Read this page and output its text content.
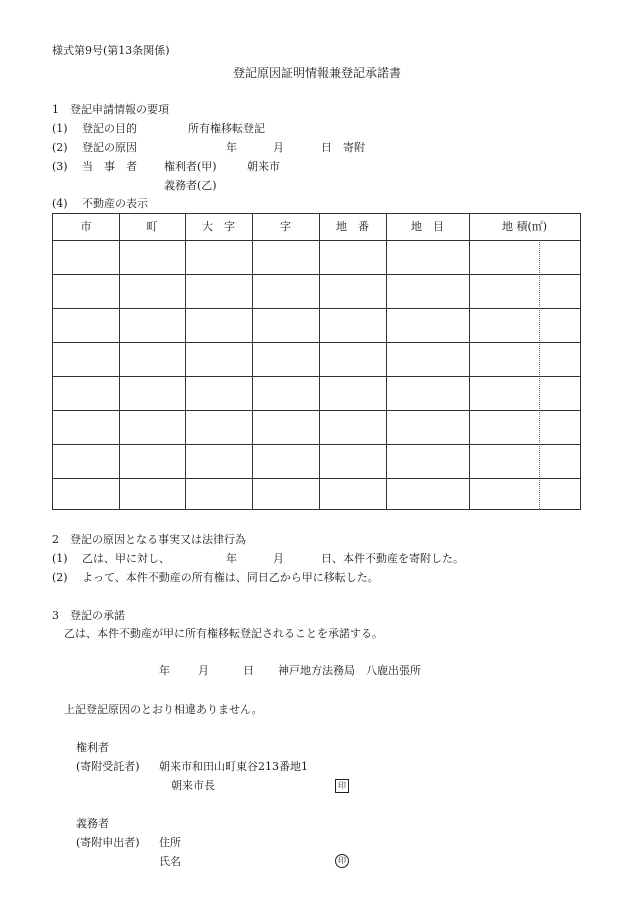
様式第9号(第13条関係)
登記原因証明情報兼登記承諾書
1　登記申請情報の要項
(1) 登記の目的	所有権移転登記
(2) 登記の原因	年	月	日 寄附
(3) 当　事　者 権利者(甲)	朝来市
義務者(乙)
(4) 不動産の表示
市	町	大　字	字	地　番	地　目	地 積(㎡)
2　登記の原因となる事実又は法律行為
(1) 乙は、甲に対し、	年	月	日、本件不動産を寄附した。
(2) よって、本件不動産の所有権は、同日乙から甲に移転した。
3　登記の承諾
乙は、本件不動産が甲に所有権移転登記されることを承諾する。
年	月	日 神戸地方法務局　八鹿出張所
上記登記原因のとおり相違ありません。
権利者
(寄附受託者) 朝来市和田山町東谷213番地1
朝来市長	印
義務者
(寄附申出者) 住所
氏名	印
